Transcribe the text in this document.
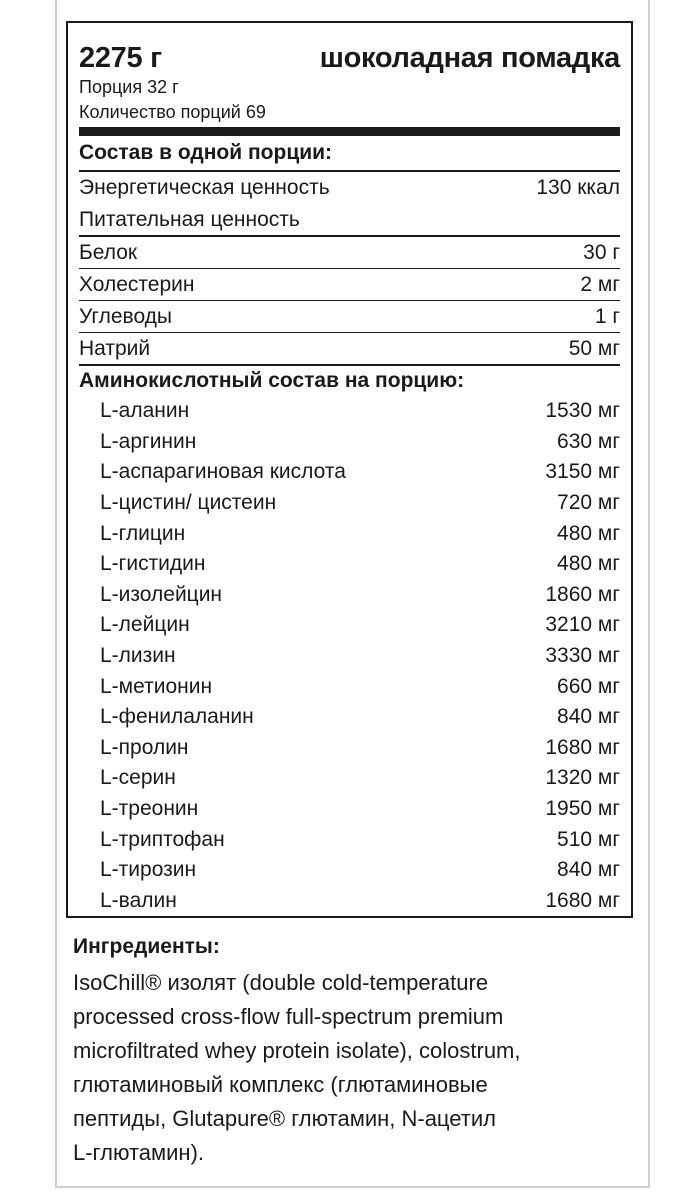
2275 г	шоколадная помадка
Порция 32 г
Количество порций 69
Состав в одной порции:
Энергетическая ценность	130 ккал
Питательная ценность
Белок	30 г
Холестерин	2 мг
Углеводы	1 г
Натрий	50 мг
Аминокислотный состав на порцию:
L-аланин	1530 мг
L-аргинин	630 мг
L-аспарагиновая кислота	3150 мг
L-цистин/ цистеин	720 мг
L-глицин	480 мг
L-гистидин	480 мг
L-изолейцин	1860 мг
L-лейцин	3210 мг
L-лизин	3330 мг
L-метионин	660 мг
L-фенилаланин	840 мг
L-пролин	1680 мг
L-серин	1320 мг
L-треонин	1950 мг
L-триптофан	510 мг
L-тирозин	840 мг
L-валин	1680 мг
Ингредиенты:

IsoChill® изолят (double cold-temperature
processed cross-flow full-spectrum premium
microfiltrated whey protein isolate), colostrum,
глютаминовый комплекс (глютаминовые
пептиды, Glutapure® глютамин, N-ацетил
L-глютамин).
